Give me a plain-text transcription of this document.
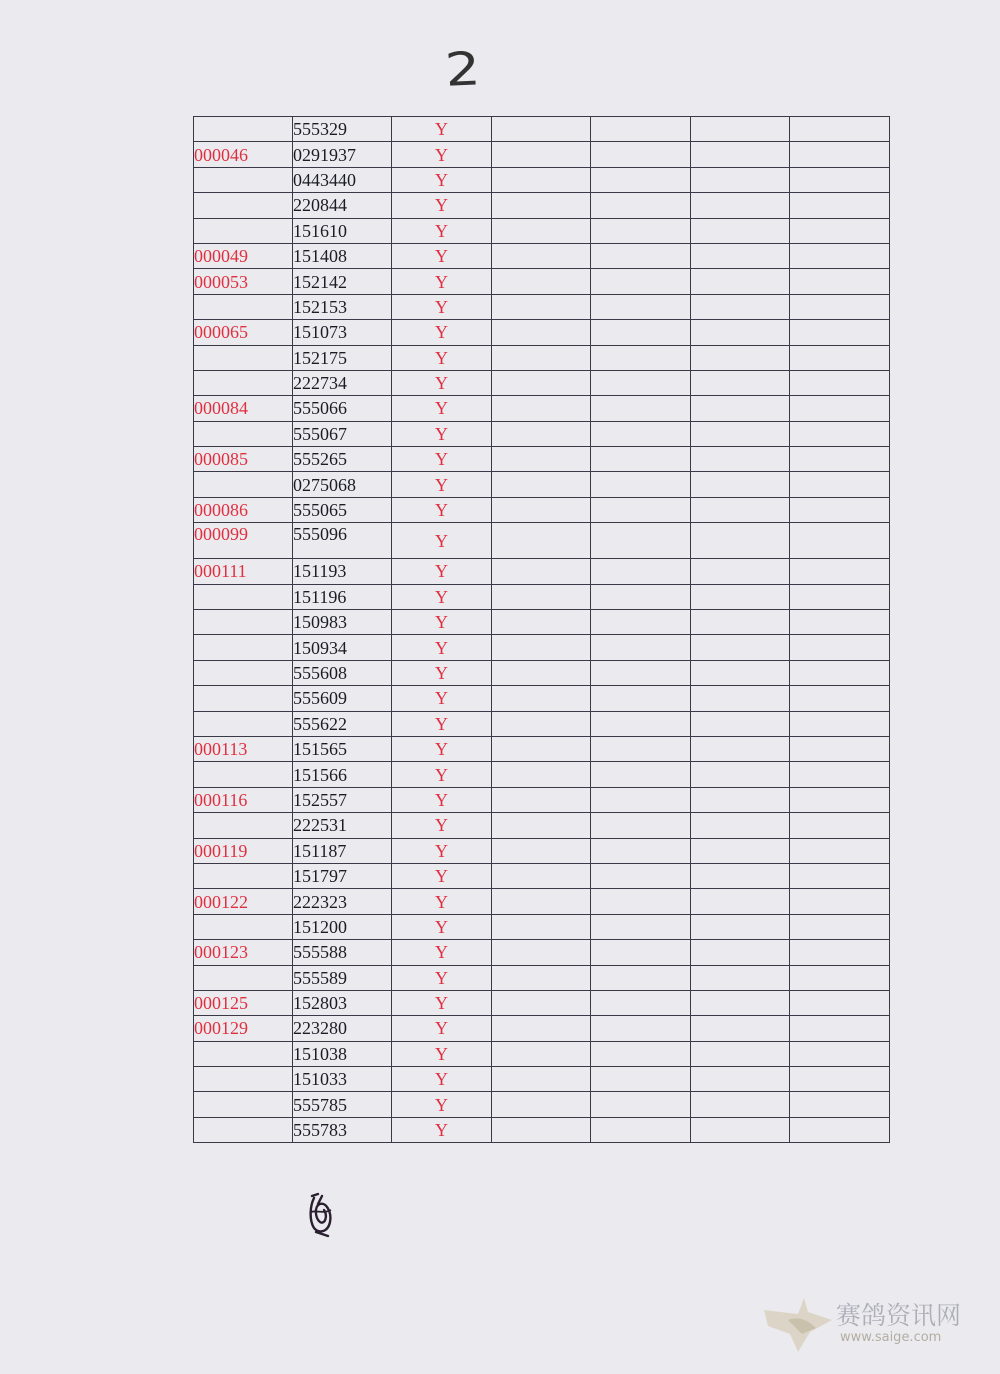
2
	555329	Y				
000046	0291937	Y				
	0443440	Y				
	220844	Y				
	151610	Y				
000049	151408	Y				
000053	152142	Y				
	152153	Y				
000065	151073	Y				
	152175	Y				
	222734	Y				
000084	555066	Y				
	555067	Y				
000085	555265	Y				
	0275068	Y				
000086	555065	Y				
000099	555096	Y				
000111	151193	Y				
	151196	Y				
	150983	Y				
	150934	Y				
	555608	Y				
	555609	Y				
	555622	Y				
000113	151565	Y				
	151566	Y				
000116	152557	Y				
	222531	Y				
000119	151187	Y				
	151797	Y				
000122	222323	Y				
	151200	Y				
000123	555588	Y				
	555589	Y				
000125	152803	Y				
000129	223280	Y				
	151038	Y				
	151033	Y				
	555785	Y				
	555783	Y				
赛鸽资讯网
www.saige.com
